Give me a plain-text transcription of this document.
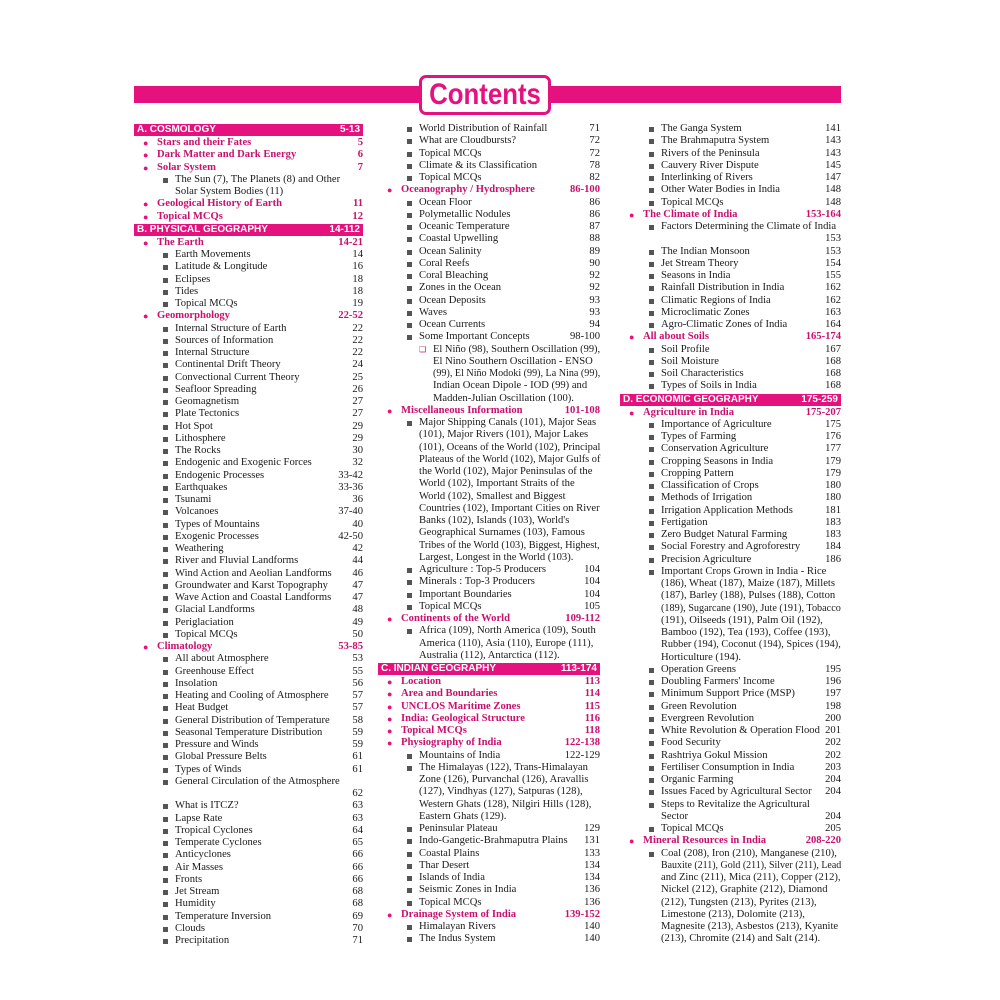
Contents
A. COSMOLOGY	5-13
● Stars and their Fates	5
● Dark Matter and Dark Energy	6
● Solar System	7
The Sun (7), The Planets (8) and Other
Solar System Bodies (11)
● Geological History of Earth	11
● Topical MCQs	12
B. PHYSICAL GEOGRAPHY	14-112
● The Earth	14-21
Earth Movements	14
Latitude & Longitude	16
Eclipses	18
Tides	18
Topical MCQs	19
● Geomorphology	22-52
Internal Structure of Earth	22
Sources of Information	22
Internal Structure	22
Continental Drift Theory	24
Convectional Current Theory	25
Seafloor Spreading	26
Geomagnetism	27
Plate Tectonics	27
Hot Spot	29
Lithosphere	29
The Rocks	30
Endogenic and Exogenic Forces	32
Endogenic Processes	33-42
Earthquakes	33-36
Tsunami	36
Volcanoes	37-40
Types of Mountains	40
Exogenic Processes	42-50
Weathering	42
River and Fluvial Landforms	44
Wind Action and Aeolian Landforms 46
Groundwater and Karst Topography 47
Wave Action and Coastal Landforms 47
Glacial Landforms	48
Periglaciation	49
Topical MCQs	50
● Climatology	53-85
All about Atmosphere	53
Greenhouse Effect	55
Insolation	56
Heating and Cooling of Atmosphere 57
Heat Budget	57
General Distribution of Temperature 58
Seasonal Temperature Distribution	59
Pressure and Winds	59
Global Pressure Belts	61
Types of Winds	61
General Circulation of the Atmosphere
62
What is ITCZ?	63
Lapse Rate	63
Tropical Cyclones	64
Temperate Cyclones	65
Anticyclones	66
Air Masses	66
Fronts	66
Jet Stream	68
Humidity	68
Temperature Inversion	69
Clouds	70
Precipitation	71
World Distribution of Rainfall	71
What are Cloudbursts?	72
Topical MCQs	72
Climate & its Classification	78
Topical MCQs	82
● Oceanography / Hydrosphere	86-100
Ocean Floor	86
Polymetallic Nodules	86
Oceanic Temperature	87
Coastal Upwelling	88
Ocean Salinity	89
Coral Reefs	90
Coral Bleaching	92
Zones in the Ocean	92
Ocean Deposits	93
Waves	93
Ocean Currents	94
Some Important Concepts	98-100
❏ El Niño (98), Southern Oscillation (99),
El Nino Southern Oscillation - ENSO
(99), El Niño Modoki (99), La Nina (99),
Indian Ocean Dipole - IOD (99) and
Madden-Julian Oscillation (100).
● Miscellaneous Information	101-108
Major Shipping Canals (101), Major Seas
(101), Major Rivers (101), Major Lakes
(101), Oceans of the World (102), Principal
Plateaus of the World (102), Major Gulfs of
the World (102), Major Peninsulas of the
World (102), Important Straits of the
World (102), Smallest and Biggest
Countries (102), Important Cities on River
Banks (102), Islands (103), World's
Geographical Surnames (103), Famous
Tribes of the World (103), Biggest, Highest,
Largest, Longest in the World (103).
Agriculture : Top-5 Producers	104
Minerals : Top-3 Producers	104
Important Boundaries	104
Topical MCQs	105
● Continents of the World	109-112
Africa (109), North America (109), South
America (110), Asia (110), Europe (111),
Australia (112), Antarctica (112).
C. INDIAN GEOGRAPHY	113-174
● Location	113
● Area and Boundaries	114
● UNCLOS Maritime Zones	115
● India: Geological Structure	116
● Topical MCQs	118
● Physiography of India	122-138
Mountains of India	122-129
The Himalayas (122), Trans-Himalayan
Zone (126), Purvanchal (126), Aravallis
(127), Vindhyas (127), Satpuras (128),
Western Ghats (128), Nilgiri Hills (128),
Eastern Ghats (129).
Peninsular Plateau	129
Indo-Gangetic-Brahmaputra Plains 131
Coastal Plains	133
Thar Desert	134
Islands of India	134
Seismic Zones in India	136
Topical MCQs	136
● Drainage System of India	139-152
Himalayan Rivers	140
The Indus System	140
The Ganga System	141
The Brahmaputra System	143
Rivers of the Peninsula	143
Cauvery River Dispute	145
Interlinking of Rivers	147
Other Water Bodies in India	148
Topical MCQs	148
● The Climate of India	153-164
Factors Determining the Climate of India
153
The Indian Monsoon	153
Jet Stream Theory	154
Seasons in India	155
Rainfall Distribution in India	162
Climatic Regions of India	162
Microclimatic Zones	163
Agro-Climatic Zones of India	164
● All about Soils	165-174
Soil Profile	167
Soil Moisture	168
Soil Characteristics	168
Types of Soils in India	168
D. ECONOMIC GEOGRAPHY	175-259
● Agriculture in India	175-207
Importance of Agriculture	175
Types of Farming	176
Conservation Agriculture	177
Cropping Seasons in India	179
Cropping Pattern	179
Classification of Crops	180
Methods of Irrigation	180
Irrigation Application Methods	181
Fertigation	183
Zero Budget Natural Farming	183
Social Forestry and Agroforestry 184
Precision Agriculture	186
Important Crops Grown in India - Rice
(186), Wheat (187), Maize (187), Millets
(187), Barley (188), Pulses (188), Cotton
(189), Sugarcane (190), Jute (191), Tobacco
(191), Oilseeds (191), Palm Oil (192),
Bamboo (192), Tea (193), Coffee (193),
Rubber (194), Coconut (194), Spices (194),
Horticulture (194).
Operation Greens	195
Doubling Farmers' Income	196
Minimum Support Price (MSP)	197
Green Revolution	198
Evergreen Revolution	200
White Revolution & Operation Flood 201
Food Security	202
Rashtriya Gokul Mission	202
Fertiliser Consumption in India	203
Organic Farming	204
Issues Faced by Agricultural Sector 204
Steps to Revitalize the Agricultural
Sector	204
Topical MCQs	205
● Mineral Resources in India	208-220
Coal (208), Iron (210), Manganese (210),
Bauxite (211), Gold (211), Silver (211), Lead
and Zinc (211), Mica (211), Copper (212),
Nickel (212), Graphite (212), Diamond
(212), Tungsten (213), Pyrites (213),
Limestone (213), Dolomite (213),
Magnesite (213), Asbestos (213), Kyanite
(213), Chromite (214) and Salt (214).
